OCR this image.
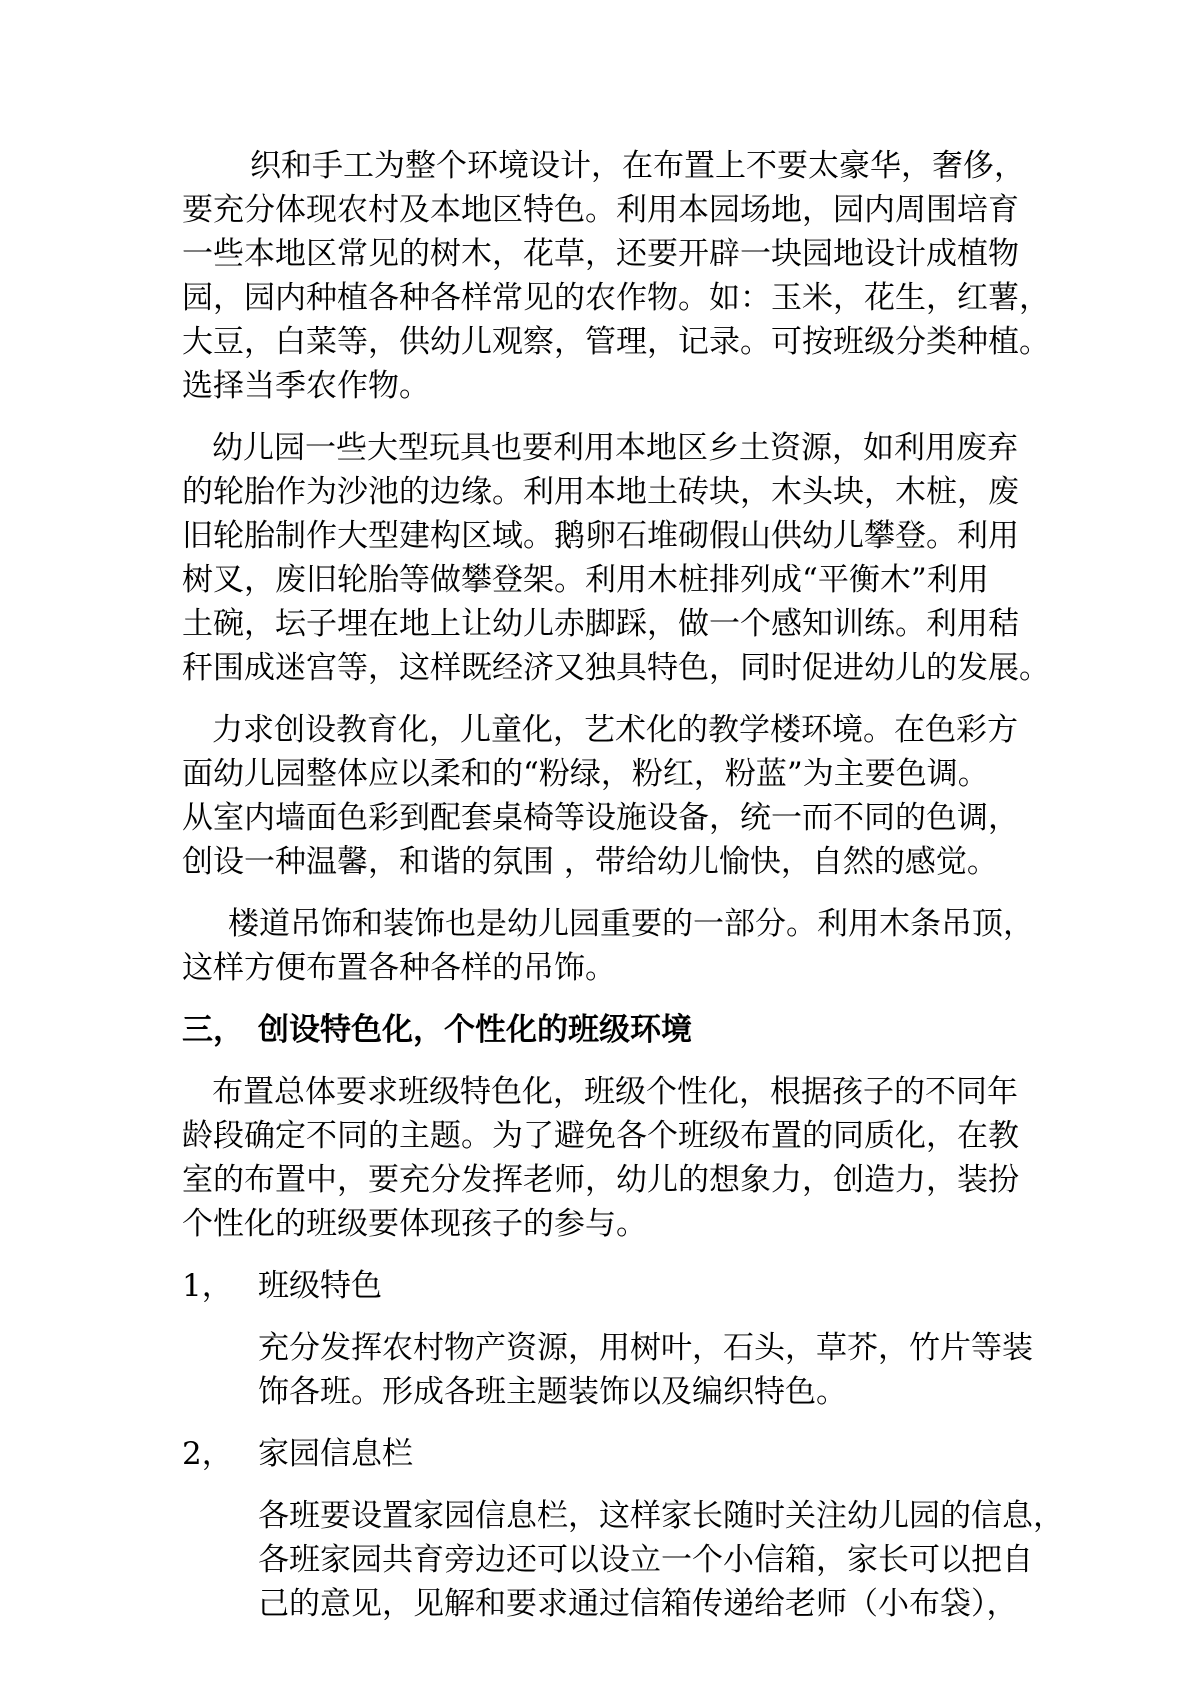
织和手工为整个环境设计，在布置上不要太豪华，奢侈，
要充分体现农村及本地区特色。利用本园场地，园内周围培育
一些本地区常见的树木，花草，还要开辟一块园地设计成植物
园，园内种植各种各样常见的农作物。如：玉米，花生，红薯，
大豆，白菜等，供幼儿观察，管理，记录。可按班级分类种植。
选择当季农作物。
幼儿园一些大型玩具也要利用本地区乡土资源，如利用废弃
的轮胎作为沙池的边缘。利用本地土砖块，木头块，木桩，废
旧轮胎制作大型建构区域。鹅卵石堆砌假山供幼儿攀登。利用
树叉，废旧轮胎等做攀登架。利用木桩排列成“平衡木”利用
土碗，坛子埋在地上让幼儿赤脚踩，做一个感知训练。利用秸
秆围成迷宫等，这样既经济又独具特色，同时促进幼儿的发展。
力求创设教育化，儿童化，艺术化的教学楼环境。在色彩方
面幼儿园整体应以柔和的“粉绿，粉红，粉蓝”为主要色调。
从室内墙面色彩到配套桌椅等设施设备，统一而不同的色调，
创设一种温馨，和谐的氛围 ，带给幼儿愉快，自然的感觉。
楼道吊饰和装饰也是幼儿园重要的一部分。利用木条吊顶，
这样方便布置各种各样的吊饰。
三， 创设特色化，个性化的班级环境
布置总体要求班级特色化，班级个性化，根据孩子的不同年
龄段确定不同的主题。为了避免各个班级布置的同质化，在教
室的布置中，要充分发挥老师，幼儿的想象力，创造力，装扮
个性化的班级要体现孩子的参与。
1， 班级特色
充分发挥农村物产资源，用树叶，石头，草芥，竹片等装
饰各班。形成各班主题装饰以及编织特色。
2， 家园信息栏
各班要设置家园信息栏，这样家长随时关注幼儿园的信息，
各班家园共育旁边还可以设立一个小信箱，家长可以把自
己的意见，见解和要求通过信箱传递给老师（小布袋），
